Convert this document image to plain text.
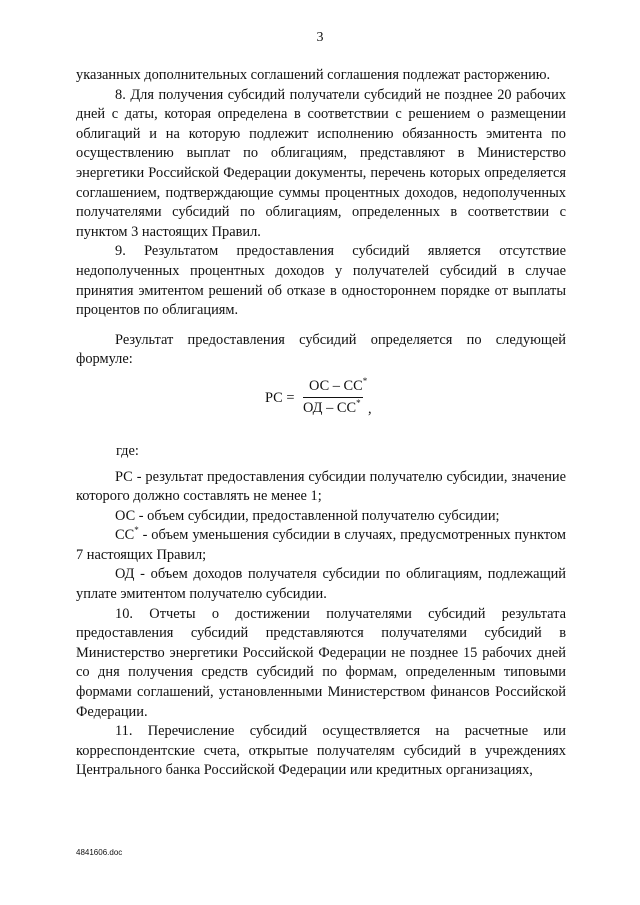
3

указанных дополнительных соглашений соглашения подлежат расторжению.

8. Для получения субсидий получатели субсидий не позднее 20 рабочих дней с даты, которая определена в соответствии с решением о размещении облигаций и на которую подлежит исполнению обязанность эмитента по осуществлению выплат по облигациям, представляют в Министерство энергетики Российской Федерации документы, перечень которых определяется соглашением, подтверждающие суммы процентных доходов, недополученных получателями субсидий по облигациям, определенных в соответствии с пунктом 3 настоящих Правил.

9. Результатом предоставления субсидий является отсутствие недополученных процентных доходов у получателей субсидий в случае принятия эмитентом решений об отказе в одностороннем порядке от выплаты процентов по облигациям.

Результат предоставления субсидий определяется по следующей формуле:

РС =
ОС – СС*
ОД – СС* ,

где:

РС - результат предоставления субсидии получателю субсидии, значение которого должно составлять не менее 1;

ОС - объем субсидии, предоставленной получателю субсидии;

СС* - объем уменьшения субсидии в случаях, предусмотренных пунктом 7 настоящих Правил;

ОД - объем доходов получателя субсидии по облигациям, подлежащий уплате эмитентом получателю субсидии.

10. Отчеты о достижении получателями субсидий результата предоставления субсидий представляются получателями субсидий в Министерство энергетики Российской Федерации не позднее 15 рабочих дней со дня получения средств субсидий по формам, определенным типовыми формами соглашений, установленными Министерством финансов Российской Федерации.

11. Перечисление субсидий осуществляется на расчетные или корреспондентские счета, открытые получателям субсидий в учреждениях Центрального банка Российской Федерации или кредитных организациях,

4841606.doc
